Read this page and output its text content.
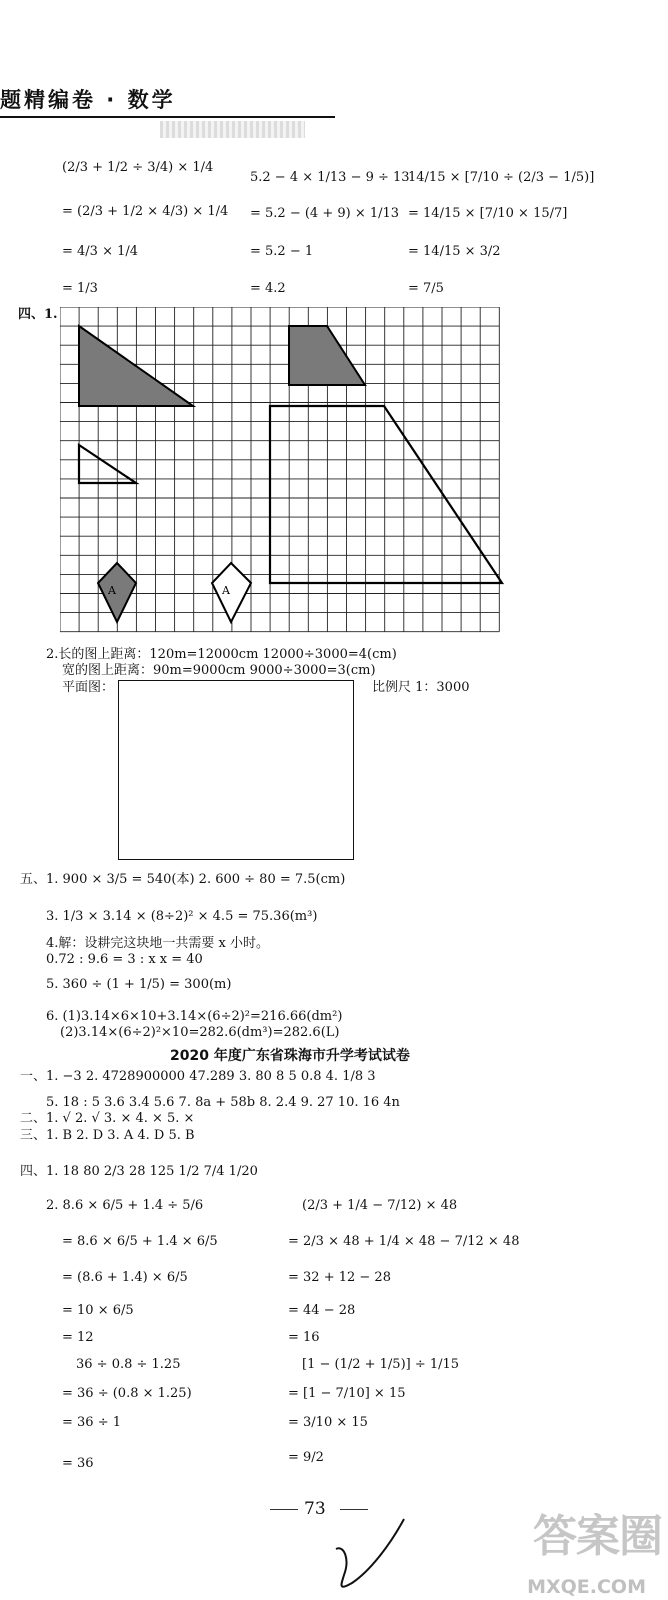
题精编卷 · 数学
(2/3 + 1/2 ÷ 3/4) × 1/4
= (2/3 + 1/2 × 4/3) × 1/4
= 4/3 × 1/4
= 1/3
5.2 − 4 × 1/13 − 9 ÷ 13
= 5.2 − (4 + 9) × 1/13
= 5.2 − 1
= 4.2
14/15 × [7/10 ÷ (2/3 − 1/5)]
= 14/15 × [7/10 × 15/7]
= 14/15 × 3/2
= 7/5
四、1.
A	A
2.长的图上距离：120m=12000cm 12000÷3000=4(cm)
宽的图上距离：90m=9000cm 9000÷3000=3(cm)
平面图：	比例尺 1：3000
五、1. 900 × 3/5 = 540(本) 2. 600 ÷ 80 = 7.5(cm)
3. 1/3 × 3.14 × (8÷2)² × 4.5 = 75.36(m³)
4.解：设耕完这块地一共需要 x 小时。
0.72 : 9.6 = 3 : x x = 40
5. 360 ÷ (1 + 1/5) = 300(m)
6. (1)3.14×6×10+3.14×(6÷2)²=216.66(dm²)
(2)3.14×(6÷2)²×10=282.6(dm³)=282.6(L)
2020 年度广东省珠海市升学考试试卷
一、1. −3 2. 4728900000 47.289 3. 80 8 5 0.8 4. 1/8 3
5. 18 : 5 3.6 3.4 5.6 7. 8a + 58b 8. 2.4 9. 27 10. 16 4n
二、1. √ 2. √ 3. × 4. × 5. ×
三、1. B 2. D 3. A 4. D 5. B
四、1. 18 80 2/3 28 125 1/2 7/4 1/20
2. 8.6 × 6/5 + 1.4 ÷ 5/6
= 8.6 × 6/5 + 1.4 × 6/5
= (8.6 + 1.4) × 6/5
= 10 × 6/5
= 12
36 ÷ 0.8 ÷ 1.25
= 36 ÷ (0.8 × 1.25)
= 36 ÷ 1
= 36
(2/3 + 1/4 − 7/12) × 48
= 2/3 × 48 + 1/4 × 48 − 7/12 × 48
= 32 + 12 − 28
= 44 − 28
= 16
[1 − (1/2 + 1/5)] ÷ 1/15
= [1 − 7/10] × 15
= 3/10 × 15
= 9/2
73
答案圈
MXQE.COM
